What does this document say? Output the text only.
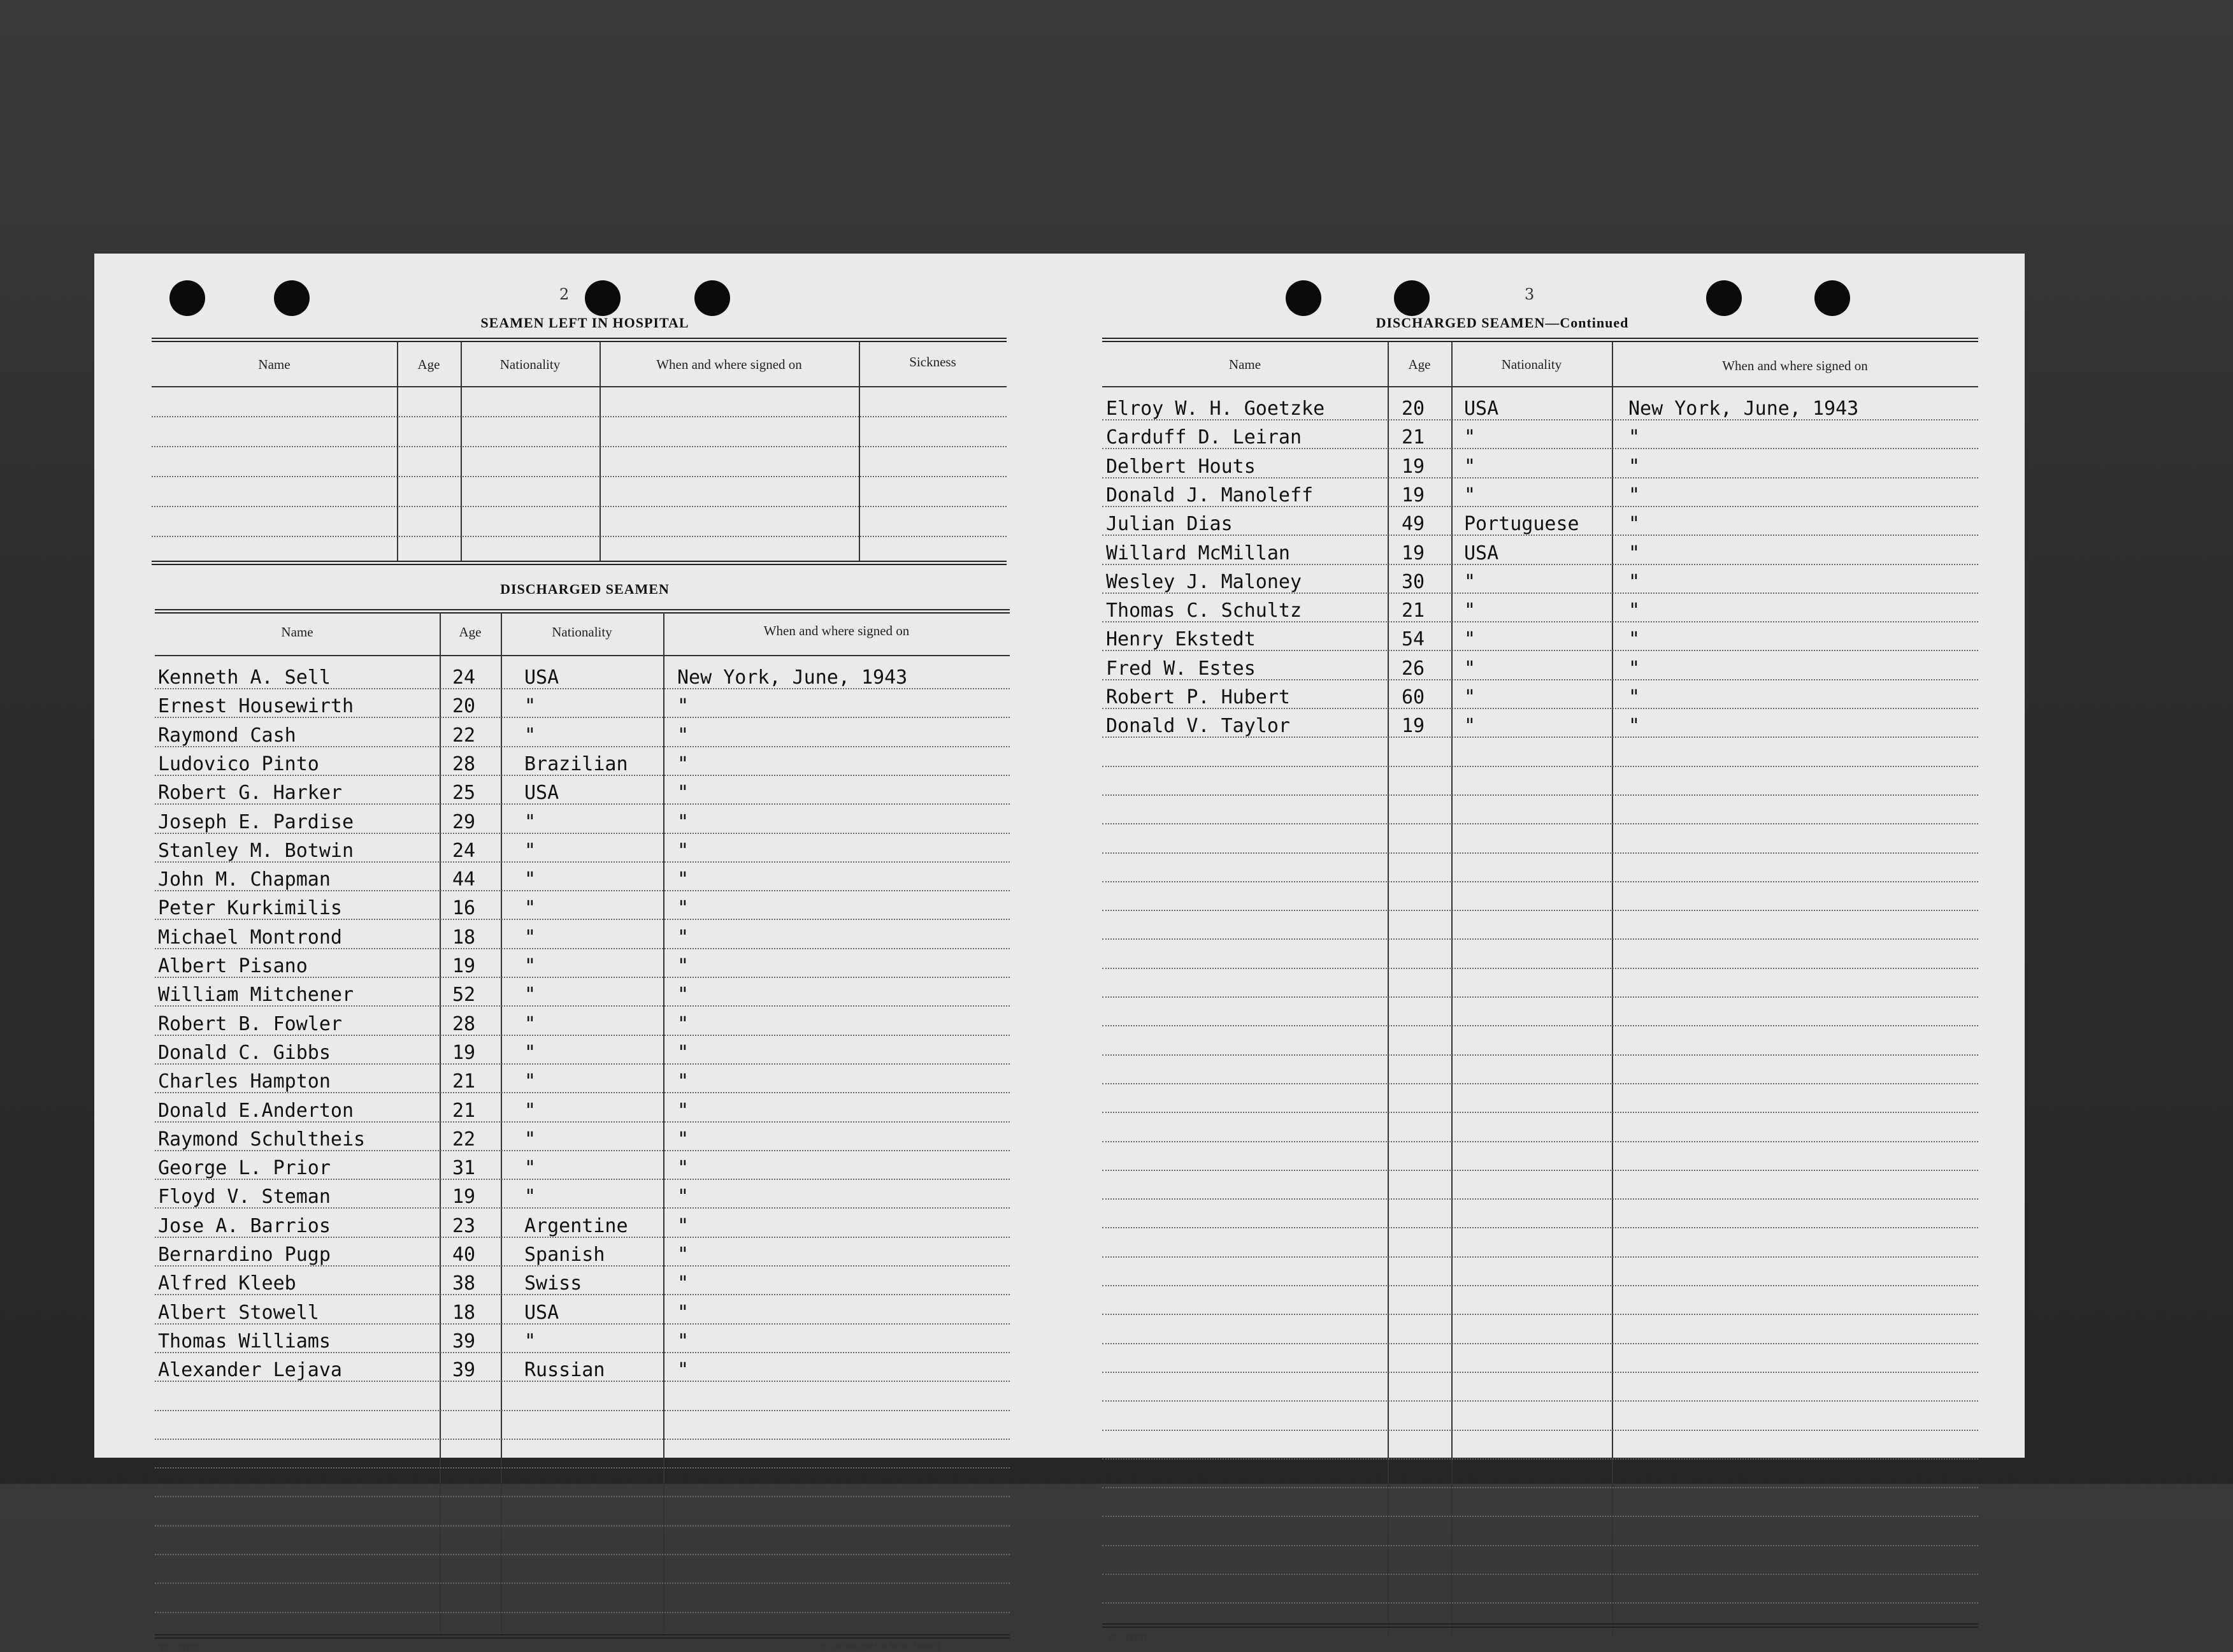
2
SEAMEN LEFT IN HOSPITAL
Name	Age	Nationality	When and where signed on	Sickness
DISCHARGED SEAMEN
Name	Age	Nationality	When and where signed on
Kenneth A. Sell	24	USA	New York, June, 1943
Ernest Housewirth	20	"	"
Raymond Cash	22	"	"
Ludovico Pinto	28	Brazilian	"
Robert G. Harker	25	USA	"
Joseph E. Pardise	29	"	"
Stanley M. Botwin	24	"	"
John M. Chapman	44	"	"
Peter Kurkimilis	16	"	"
Michael Montrond	18	"	"
Albert Pisano	19	"	"
William Mitchener	52	"	"
Robert B. Fowler	28	"	"
Donald C. Gibbs	19	"	"
Charles Hampton	21	"	"
Donald E.Anderton	21	"	"
Raymond Schultheis	22	"	"
George L. Prior	31	"	"
Floyd V. Steman	19	"	"
Jose A. Barrios	23	Argentine	"
Bernardino Pugp	40	Spanish	"
Alfred Kleeb	38	Swiss	"
Albert Stowell	18	USA	"
Thomas Williams	39	"	"
Alexander Lejava	39	Russian	"
16—17387	[CONTINUED ON NEXT PAGE]
3
DISCHARGED SEAMEN—Continued
Name	Age	Nationality	When and where signed on
Elroy W. H. Goetzke	20 USA	New York, June, 1943
Carduff D. Leiran	21 "	"
Delbert Houts	19 "	"
Donald J. Manoleff	19 "	"
Julian Dias	49 Portuguese	"
Willard McMillan	19 USA	"
Wesley J. Maloney	30 "	"
Thomas C. Schultz	21 "	"
Henry Ekstedt	54 "	"
Fred W. Estes	26 "	"
Robert P. Hubert	60 "	"
Donald V. Taylor	19 "	"
16—17387
